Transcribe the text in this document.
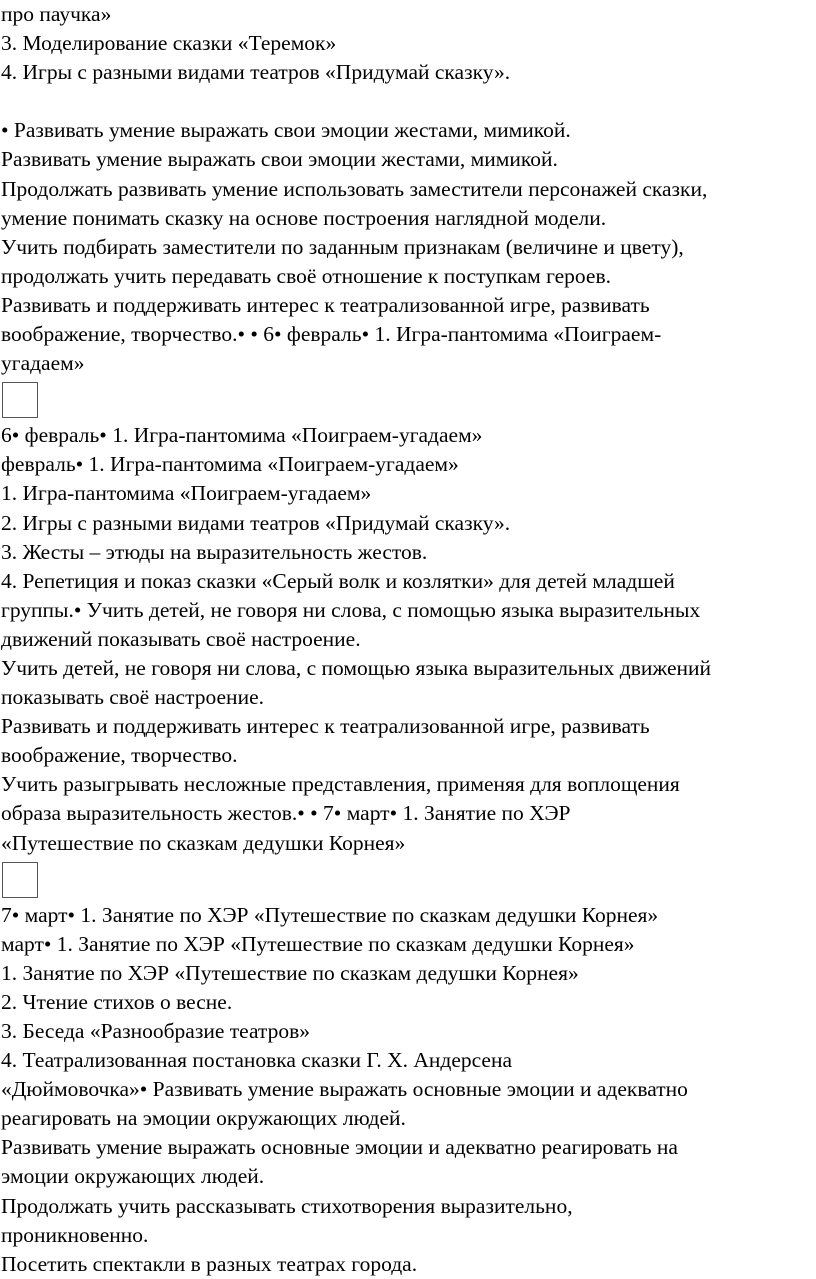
про паучка»
3. Моделирование сказки «Теремок»
4. Игры с разными видами театров «Придумай сказку».
• Развивать умение выражать свои эмоции жестами, мимикой.
Развивать умение выражать свои эмоции жестами, мимикой.
Продолжать развивать умение использовать заместители персонажей сказки,
умение понимать сказку на основе построения наглядной модели.
Учить подбирать заместители по заданным признакам (величине и цвету),
продолжать учить передавать своё отношение к поступкам героев.
Развивать и поддерживать интерес к театрализованной игре, развивать
воображение, творчество.• • 6• февраль• 1. Игра-пантомима «Поиграем-
угадаем»
6• февраль• 1. Игра-пантомима «Поиграем-угадаем»
февраль• 1. Игра-пантомима «Поиграем-угадаем»
1. Игра-пантомима «Поиграем-угадаем»
2. Игры с разными видами театров «Придумай сказку».
3. Жесты – этюды на выразительность жестов.
4. Репетиция и показ сказки «Серый волк и козлятки» для детей младшей
группы.• Учить детей, не говоря ни слова, с помощью языка выразительных
движений показывать своё настроение.
Учить детей, не говоря ни слова, с помощью языка выразительных движений
показывать своё настроение.
Развивать и поддерживать интерес к театрализованной игре, развивать
воображение, творчество.
Учить разыгрывать несложные представления, применяя для воплощения
образа выразительность жестов.• • 7• март• 1. Занятие по ХЭР
«Путешествие по сказкам дедушки Корнея»
7• март• 1. Занятие по ХЭР «Путешествие по сказкам дедушки Корнея»
март• 1. Занятие по ХЭР «Путешествие по сказкам дедушки Корнея»
1. Занятие по ХЭР «Путешествие по сказкам дедушки Корнея»
2. Чтение стихов о весне.
3. Беседа «Разнообразие театров»
4. Театрализованная постановка сказки Г. Х. Андерсена
«Дюймовочка»• Развивать умение выражать основные эмоции и адекватно
реагировать на эмоции окружающих людей.
Развивать умение выражать основные эмоции и адекватно реагировать на
эмоции окружающих людей.
Продолжать учить рассказывать стихотворения выразительно,
проникновенно.
Посетить спектакли в разных театрах города.
